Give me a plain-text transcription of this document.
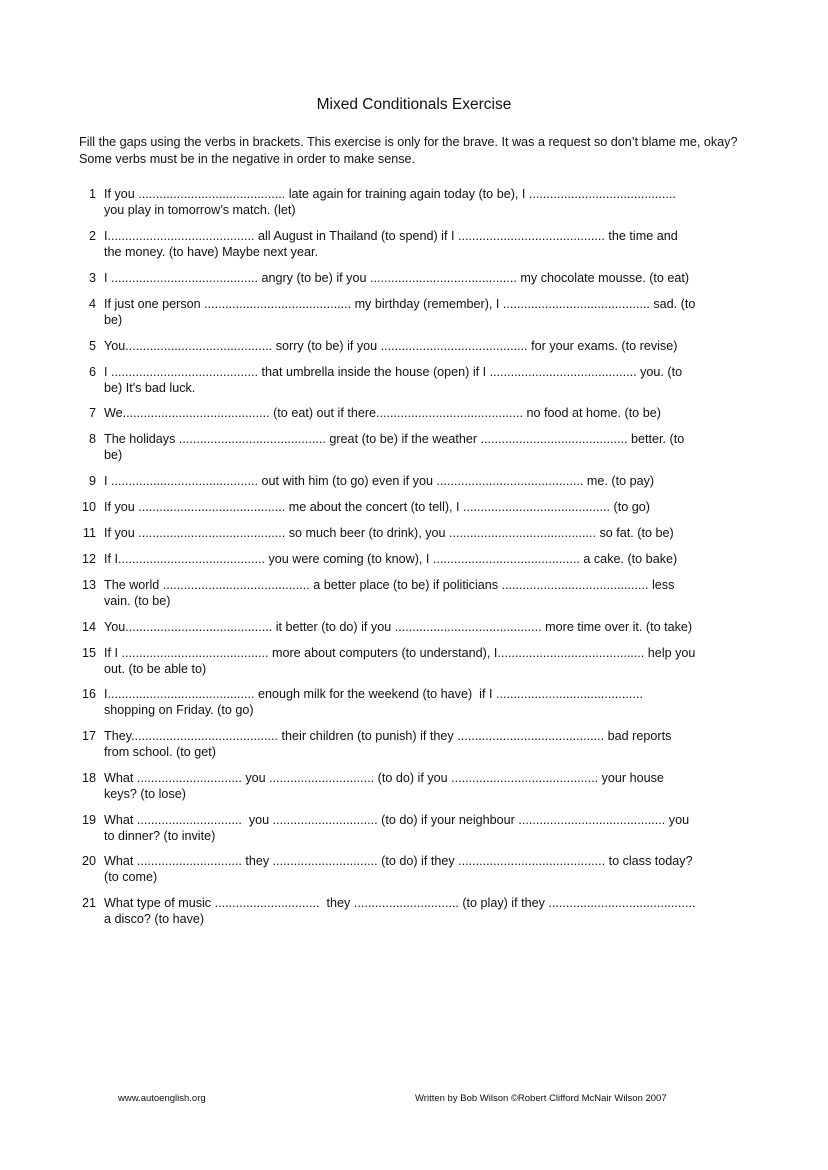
Mixed Conditionals Exercise
Fill the gaps using the verbs in brackets. This exercise is only for the brave. It was a request so don’t blame me, okay? Some verbs must be in the negative in order to make sense.
1 If you .......................................... late again for training again today (to be), I ..........................................
you play in tomorrow’s match. (let)
2 I.......................................... all August in Thailand (to spend) if I .......................................... the time and
the money. (to have) Maybe next year.
3 I .......................................... angry (to be) if you .......................................... my chocolate mousse. (to eat)
4 If just one person .......................................... my birthday (remember), I .......................................... sad. (to
be)
5 You.......................................... sorry (to be) if you .......................................... for your exams. (to revise)
6 I .......................................... that umbrella inside the house (open) if I .......................................... you. (to
be) It's bad luck.
7 We.......................................... (to eat) out if there.......................................... no food at home. (to be)
8 The holidays .......................................... great (to be) if the weather .......................................... better. (to
be)
9 I .......................................... out with him (to go) even if you .......................................... me. (to pay)
10 If you .......................................... me about the concert (to tell), I .......................................... (to go)
11 If you .......................................... so much beer (to drink), you .......................................... so fat. (to be)
12 If I.......................................... you were coming (to know), I .......................................... a cake. (to bake)
13 The world .......................................... a better place (to be) if politicians .......................................... less
vain. (to be)
14 You.......................................... it better (to do) if you .......................................... more time over it. (to take)
15 If I .......................................... more about computers (to understand), I.......................................... help you
out. (to be able to)
16 I.......................................... enough milk for the weekend (to have)  if I ..........................................
shopping on Friday. (to go)
17 They.......................................... their children (to punish) if they .......................................... bad reports
from school. (to get)
18 What .............................. you .............................. (to do) if you .......................................... your house
keys? (to lose)
19 What ..............................  you .............................. (to do) if your neighbour .......................................... you
to dinner? (to invite)
20 What .............................. they .............................. (to do) if they .......................................... to class today?
(to come)
21 What type of music ..............................  they .............................. (to play) if they ..........................................
a disco? (to have)
www.autoenglish.org	Written by Bob Wilson ©Robert Clifford McNair Wilson 2007
